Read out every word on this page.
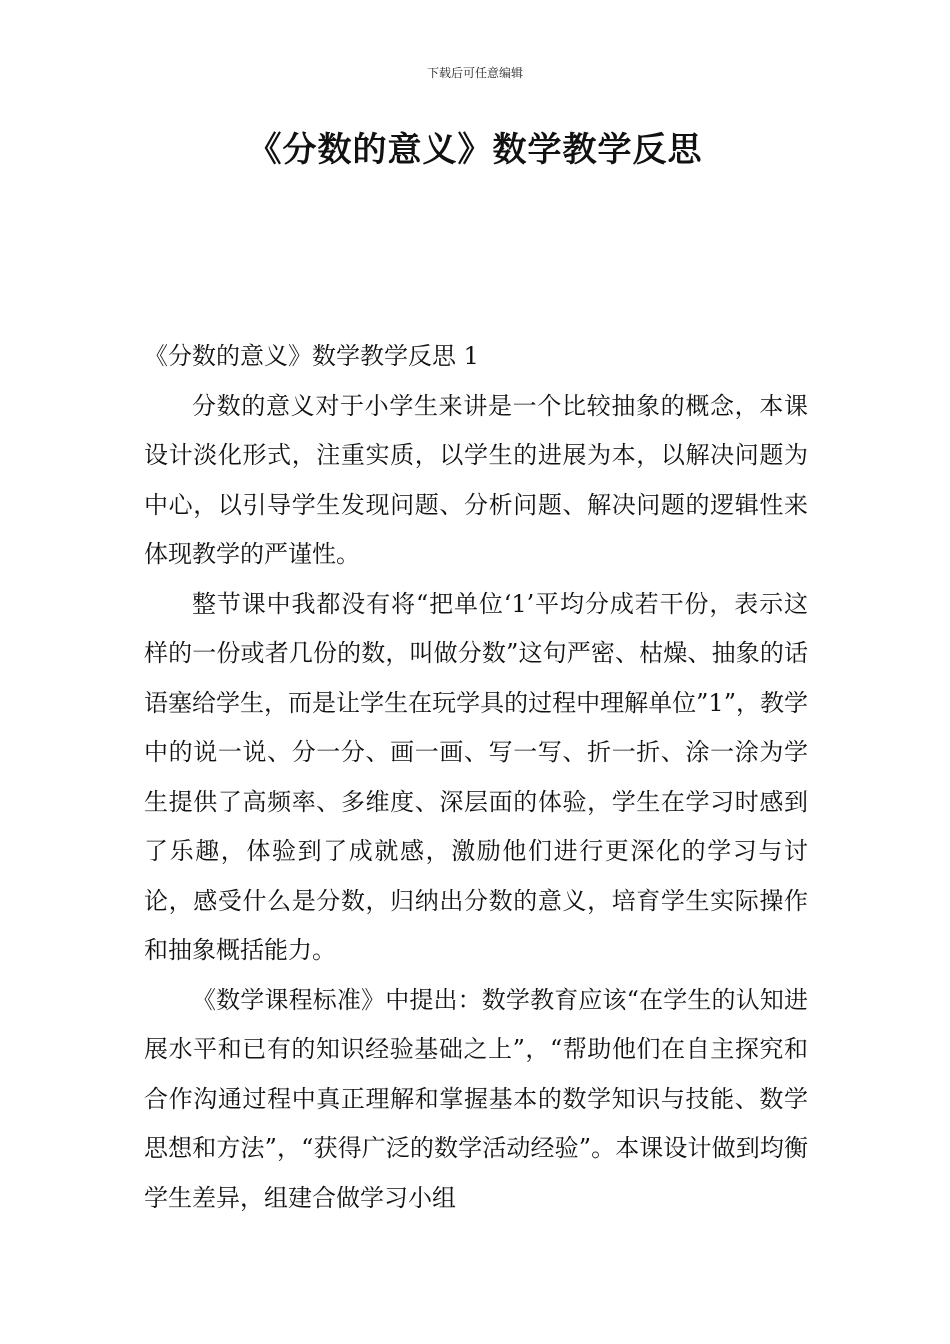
下载后可任意编辑
《分数的意义》数学教学反思

《分数的意义》数学教学反思 1

分数的意义对于小学生来讲是一个比较抽象的概念，本课设计淡化形式，注重实质，以学生的进展为本，以解决问题为中心，以引导学生发现问题、分析问题、解决问题的逻辑性来体现教学的严谨性。

整节课中我都没有将“把单位‘1’平均分成若干份，表示这样的一份或者几份的数，叫做分数”这句严密、枯燥、抽象的话语塞给学生，而是让学生在玩学具的过程中理解单位”1”，教学中的说一说、分一分、画一画、写一写、折一折、涂一涂为学生提供了高频率、多维度、深层面的体验，学生在学习时感到了乐趣，体验到了成就感，激励他们进行更深化的学习与讨论，感受什么是分数，归纳出分数的意义，培育学生实际操作和抽象概括能力。

《数学课程标准》中提出：数学教育应该“在学生的认知进展水平和已有的知识经验基础之上”，“帮助他们在自主探究和合作沟通过程中真正理解和掌握基本的数学知识与技能、数学思想和方法”，“获得广泛的数学活动经验”。本课设计做到均衡学生差异，组建合做学习小组
